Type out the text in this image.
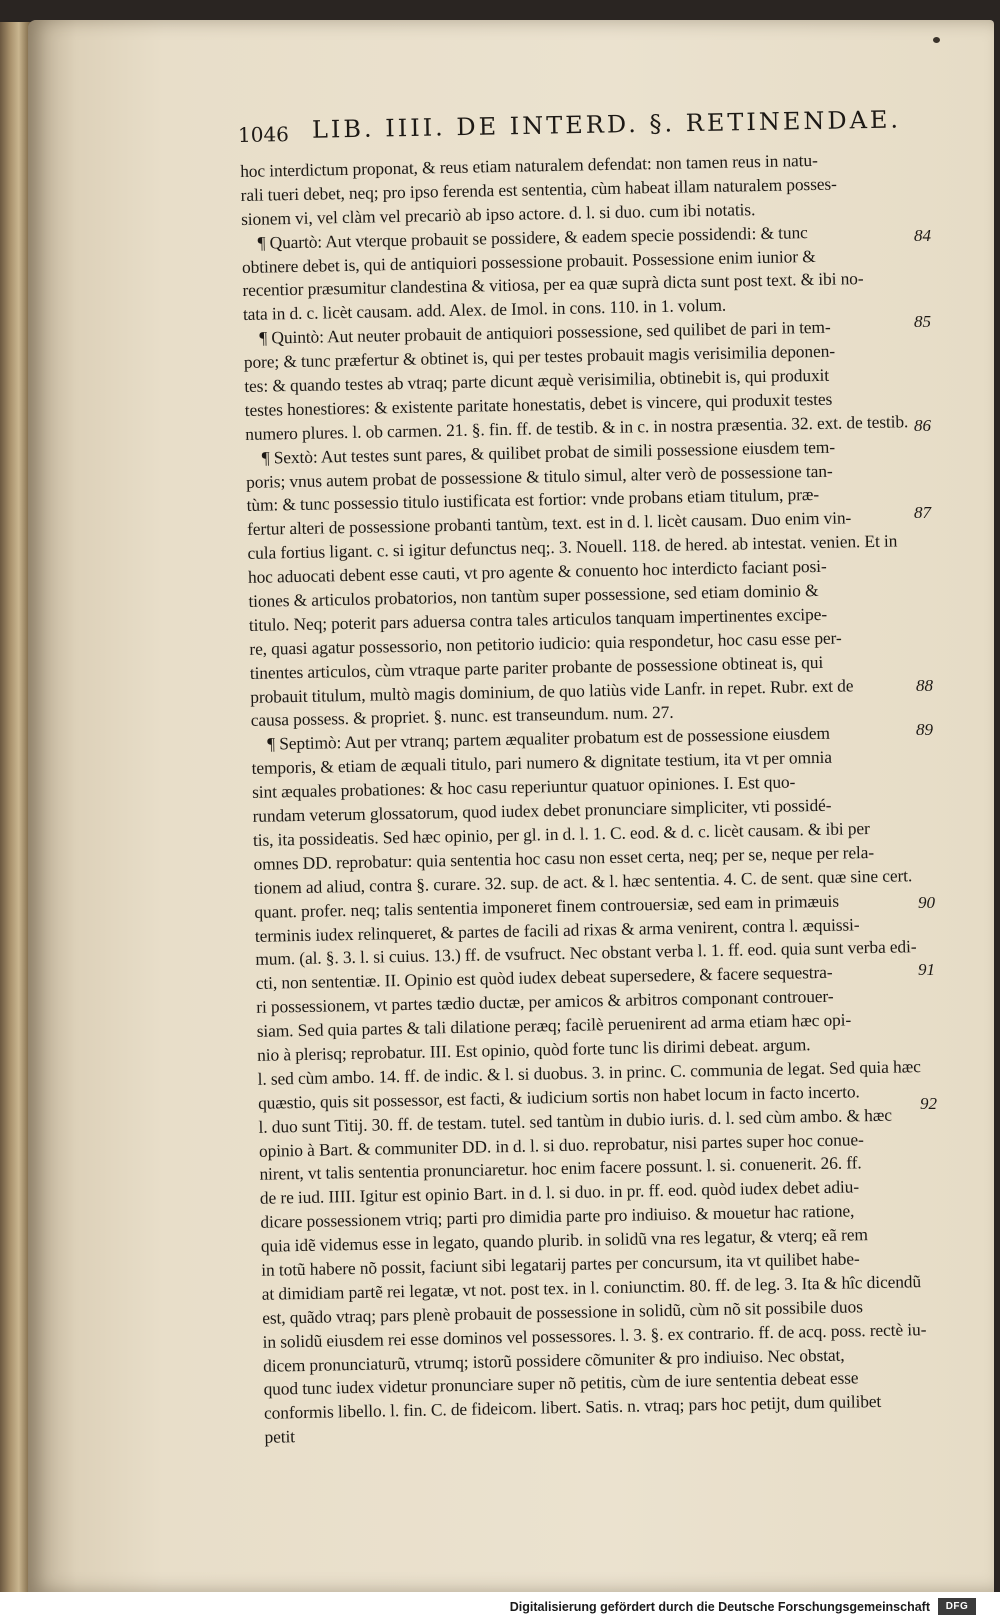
1046 LIB. IIII. DE INTERD. §. RETINENDAE.
hoc interdictum proponat, & reus etiam naturalem defendat: non tamen reus in natu-
rali tueri debet, neq; pro ipso ferenda est sententia, cùm habeat illam naturalem posses-
sionem vi, vel clàm vel precariò ab ipso actore. d. l. si duo. cum ibi notatis.
¶ Quartò: Aut vterque probauit se possidere, & eadem specie possidendi: & tunc
obtinere debet is, qui de antiquiori possessione probauit. Possessione enim iunior &
recentior præsumitur clandestina & vitiosa, per ea quæ suprà dicta sunt post text. & ibi no-
tata in d. c. licèt causam. add. Alex. de Imol. in cons. 110. in 1. volum.
¶ Quintò: Aut neuter probauit de antiquiori possessione, sed quilibet de pari in tem-
pore; & tunc præfertur & obtinet is, qui per testes probauit magis verisimilia deponen-
tes: & quando testes ab vtraq; parte dicunt æquè verisimilia, obtinebit is, qui produxit
testes honestiores: & existente paritate honestatis, debet is vincere, qui produxit testes
numero plures. l. ob carmen. 21. §. fin. ff. de testib. & in c. in nostra præsentia. 32. ext. de testib.
¶ Sextò: Aut testes sunt pares, & quilibet probat de simili possessione eiusdem tem-
poris; vnus autem probat de possessione & titulo simul, alter verò de possessione tan-
tùm: & tunc possessio titulo iustificata est fortior: vnde probans etiam titulum, præ-
fertur alteri de possessione probanti tantùm, text. est in d. l. licèt causam. Duo enim vin-
cula fortius ligant. c. si igitur defunctus neq;. 3. Nouell. 118. de hered. ab intestat. venien. Et in
hoc aduocati debent esse cauti, vt pro agente & conuento hoc interdicto faciant posi-
tiones & articulos probatorios, non tantùm super possessione, sed etiam dominio &
titulo. Neq; poterit pars aduersa contra tales articulos tanquam impertinentes excipe-
re, quasi agatur possessorio, non petitorio iudicio: quia respondetur, hoc casu esse per-
tinentes articulos, cùm vtraque parte pariter probante de possessione obtineat is, qui
probauit titulum, multò magis dominium, de quo latiùs vide Lanfr. in repet. Rubr. ext de
causa possess. & propriet. §. nunc. est transeundum. num. 27.
¶ Septimò: Aut per vtranq; partem æqualiter probatum est de possessione eiusdem
temporis, & etiam de æquali titulo, pari numero & dignitate testium, ita vt per omnia
sint æquales probationes: & hoc casu reperiuntur quatuor opiniones. I. Est quo-
rundam veterum glossatorum, quod iudex debet pronunciare simpliciter, vti possidé-
tis, ita possideatis. Sed hæc opinio, per gl. in d. l. 1. C. eod. & d. c. licèt causam. & ibi per
omnes DD. reprobatur: quia sententia hoc casu non esset certa, neq; per se, neque per rela-
tionem ad aliud, contra §. curare. 32. sup. de act. & l. hæc sententia. 4. C. de sent. quæ sine cert.
quant. profer. neq; talis sententia imponeret finem controuersiæ, sed eam in primæuis
terminis iudex relinqueret, & partes de facili ad rixas & arma venirent, contra l. æquissi-
mum. (al. §. 3. l. si cuius. 13.) ff. de vsufruct. Nec obstant verba l. 1. ff. eod. quia sunt verba edi-
cti, non sententiæ. II. Opinio est quòd iudex debeat supersedere, & facere sequestra-
ri possessionem, vt partes tædio ductæ, per amicos & arbitros componant controuer-
siam. Sed quia partes & tali dilatione peræq; facilè peruenirent ad arma etiam hæc opi-
nio à plerisq; reprobatur. III. Est opinio, quòd forte tunc lis dirimi debeat. argum.
l. sed cùm ambo. 14. ff. de indic. & l. si duobus. 3. in princ. C. communia de legat. Sed quia hæc
quæstio, quis sit possessor, est facti, & iudicium sortis non habet locum in facto incerto.
l. duo sunt Titij. 30. ff. de testam. tutel. sed tantùm in dubio iuris. d. l. sed cùm ambo. & hæc
opinio à Bart. & communiter DD. in d. l. si duo. reprobatur, nisi partes super hoc conue-
nirent, vt talis sententia pronunciaretur. hoc enim facere possunt. l. si. conuenerit. 26. ff.
de re iud. IIII. Igitur est opinio Bart. in d. l. si duo. in pr. ff. eod. quòd iudex debet adiu-
dicare possessionem vtriq; parti pro dimidia parte pro indiuiso. & mouetur hac ratione,
quia idẽ videmus esse in legato, quando plurib. in solidũ vna res legatur, & vterq; eã rem
in totũ habere nõ possit, faciunt sibi legatarij partes per concursum, ita vt quilibet habe-
at dimidiam partẽ rei legatæ, vt not. post tex. in l. coniunctim. 80. ff. de leg. 3. Ita & hîc dicendũ
est, quãdo vtraq; pars plenè probauit de possessione in solidũ, cùm nõ sit possibile duos
in solidũ eiusdem rei esse dominos vel possessores. l. 3. §. ex contrario. ff. de acq. poss. rectè iu-
dicem pronunciaturũ, vtrumq; istorũ possidere cõmuniter & pro indiuiso. Nec obstat,
quod tunc iudex videtur pronunciare super nõ petitis, cùm de iure sententia debeat esse
conformis libello. l. fin. C. de fideicom. libert. Satis. n. vtraq; pars hoc petijt, dum quilibet
petit
84
85
86
87
88
89
90
91
92
Digitalisierung gefördert durch die Deutsche Forschungsgemeinschaft	DFG
